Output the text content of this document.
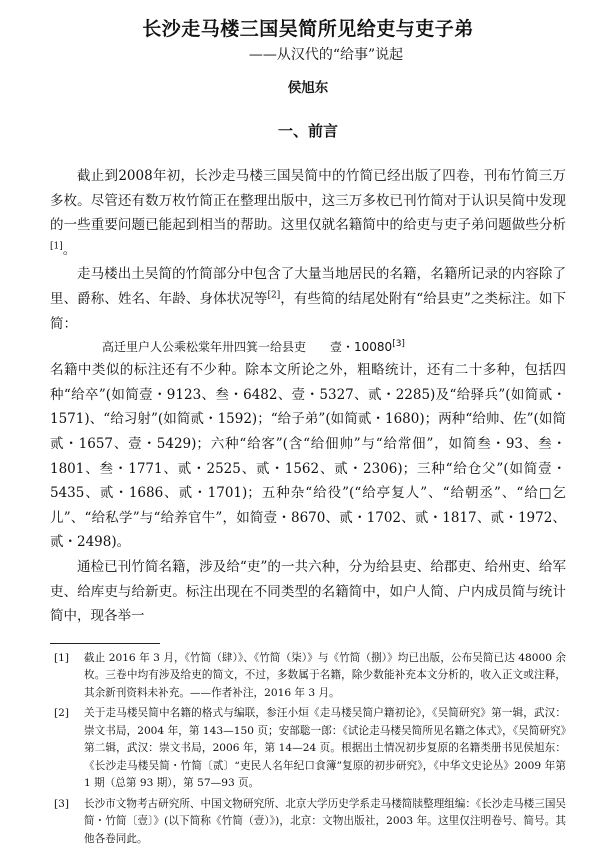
长沙走马楼三国吴简所见给吏与吏子弟
——从汉代的“给事”说起
侯旭东
一、前言

截止到2008年初，长沙走马楼三国吴简中的竹简已经出版了四卷，刊布竹简三万多枚。尽管还有数万枚竹简正在整理出版中，这三万多枚已刊竹简对于认识吴简中发现的一些重要问题已能起到相当的帮助。这里仅就名籍简中的给吏与吏子弟问题做些分析[1]。

走马楼出土吴简的竹简部分中包含了大量当地居民的名籍，名籍所记录的内容除了里、爵称、姓名、年龄、身体状况等[2]，有些简的结尾处附有“给县吏”之类标注。如下简：

高迁里户人公乘松棠年卅四箕一给县吏　　壹・10080[3]

名籍中类似的标注还有不少种。除本文所论之外，粗略统计，还有二十多种，包括四种“给卒”(如简壹・9123、叁・6482、壹・5327、贰・2285)及“给驿兵”(如简贰・1571)、“给习射”(如简贰・1592)；“给子弟”(如简贰・1680)；两种“给帅、佐”(如简贰・1657、壹・5429)；六种“给客”(含“给佃帅”与“给常佃”，如简叁・93、叁・1801、叁・1771、贰・2525、贰・1562、贰・2306)；三种“给仓父”(如简壹・5435、贰・1686、贰・1701)；五种杂“给役”(“给亭复人”、“给朝丞”、“给□乞儿”、“给私学”与“给养官牛”，如简壹・8670、贰・1702、贰・1817、贰・1972、贰・2498)。

通检已刊竹简名籍，涉及给“吏”的一共六种，分为给县吏、给郡吏、给州吏、给军吏、给库吏与给新吏。标注出现在不同类型的名籍简中，如户人简、户内成员简与统计简中，现各举一

[1]	截止 2016 年 3 月，《竹简（肆）》、《竹简（柒）》与《竹简（捌）》均已出版，公布吴简已达 48000 余枚。三卷中均有涉及给吏的简文，不过，多数属于名籍，除少数能补充本文分析的，收入正文或注释，其余新刊资料未补充。——作者补注，2016 年 3 月。
[2]	关于走马楼吴简中名籍的格式与编联，参汪小烜《走马楼吴简户籍初论》，《吴简研究》第一辑，武汉：崇文书局，2004 年，第 143—150 页；安部聡一郎：《试论走马楼吴简所见名籍之体式》，《吴简研究》第二辑，武汉：崇文书局，2006 年，第 14—24 页。根据出土情况初步复原的名籍类册书见侯旭东：《长沙走马楼吴简・竹简〔贰〕“吏民人名年纪口食簿”复原的初步研究》，《中华文史论丛》2009 年第 1 期（总第 93 期），第 57—93 页。
[3]	长沙市文物考古研究所、中国文物研究所、北京大学历史学系走马楼简牍整理组编：《长沙走马楼三国吴简・竹简〔壹〕》(以下简称《竹简（壹）》)，北京：文物出版社，2003 年。这里仅注明卷号、简号。其他各卷同此。
